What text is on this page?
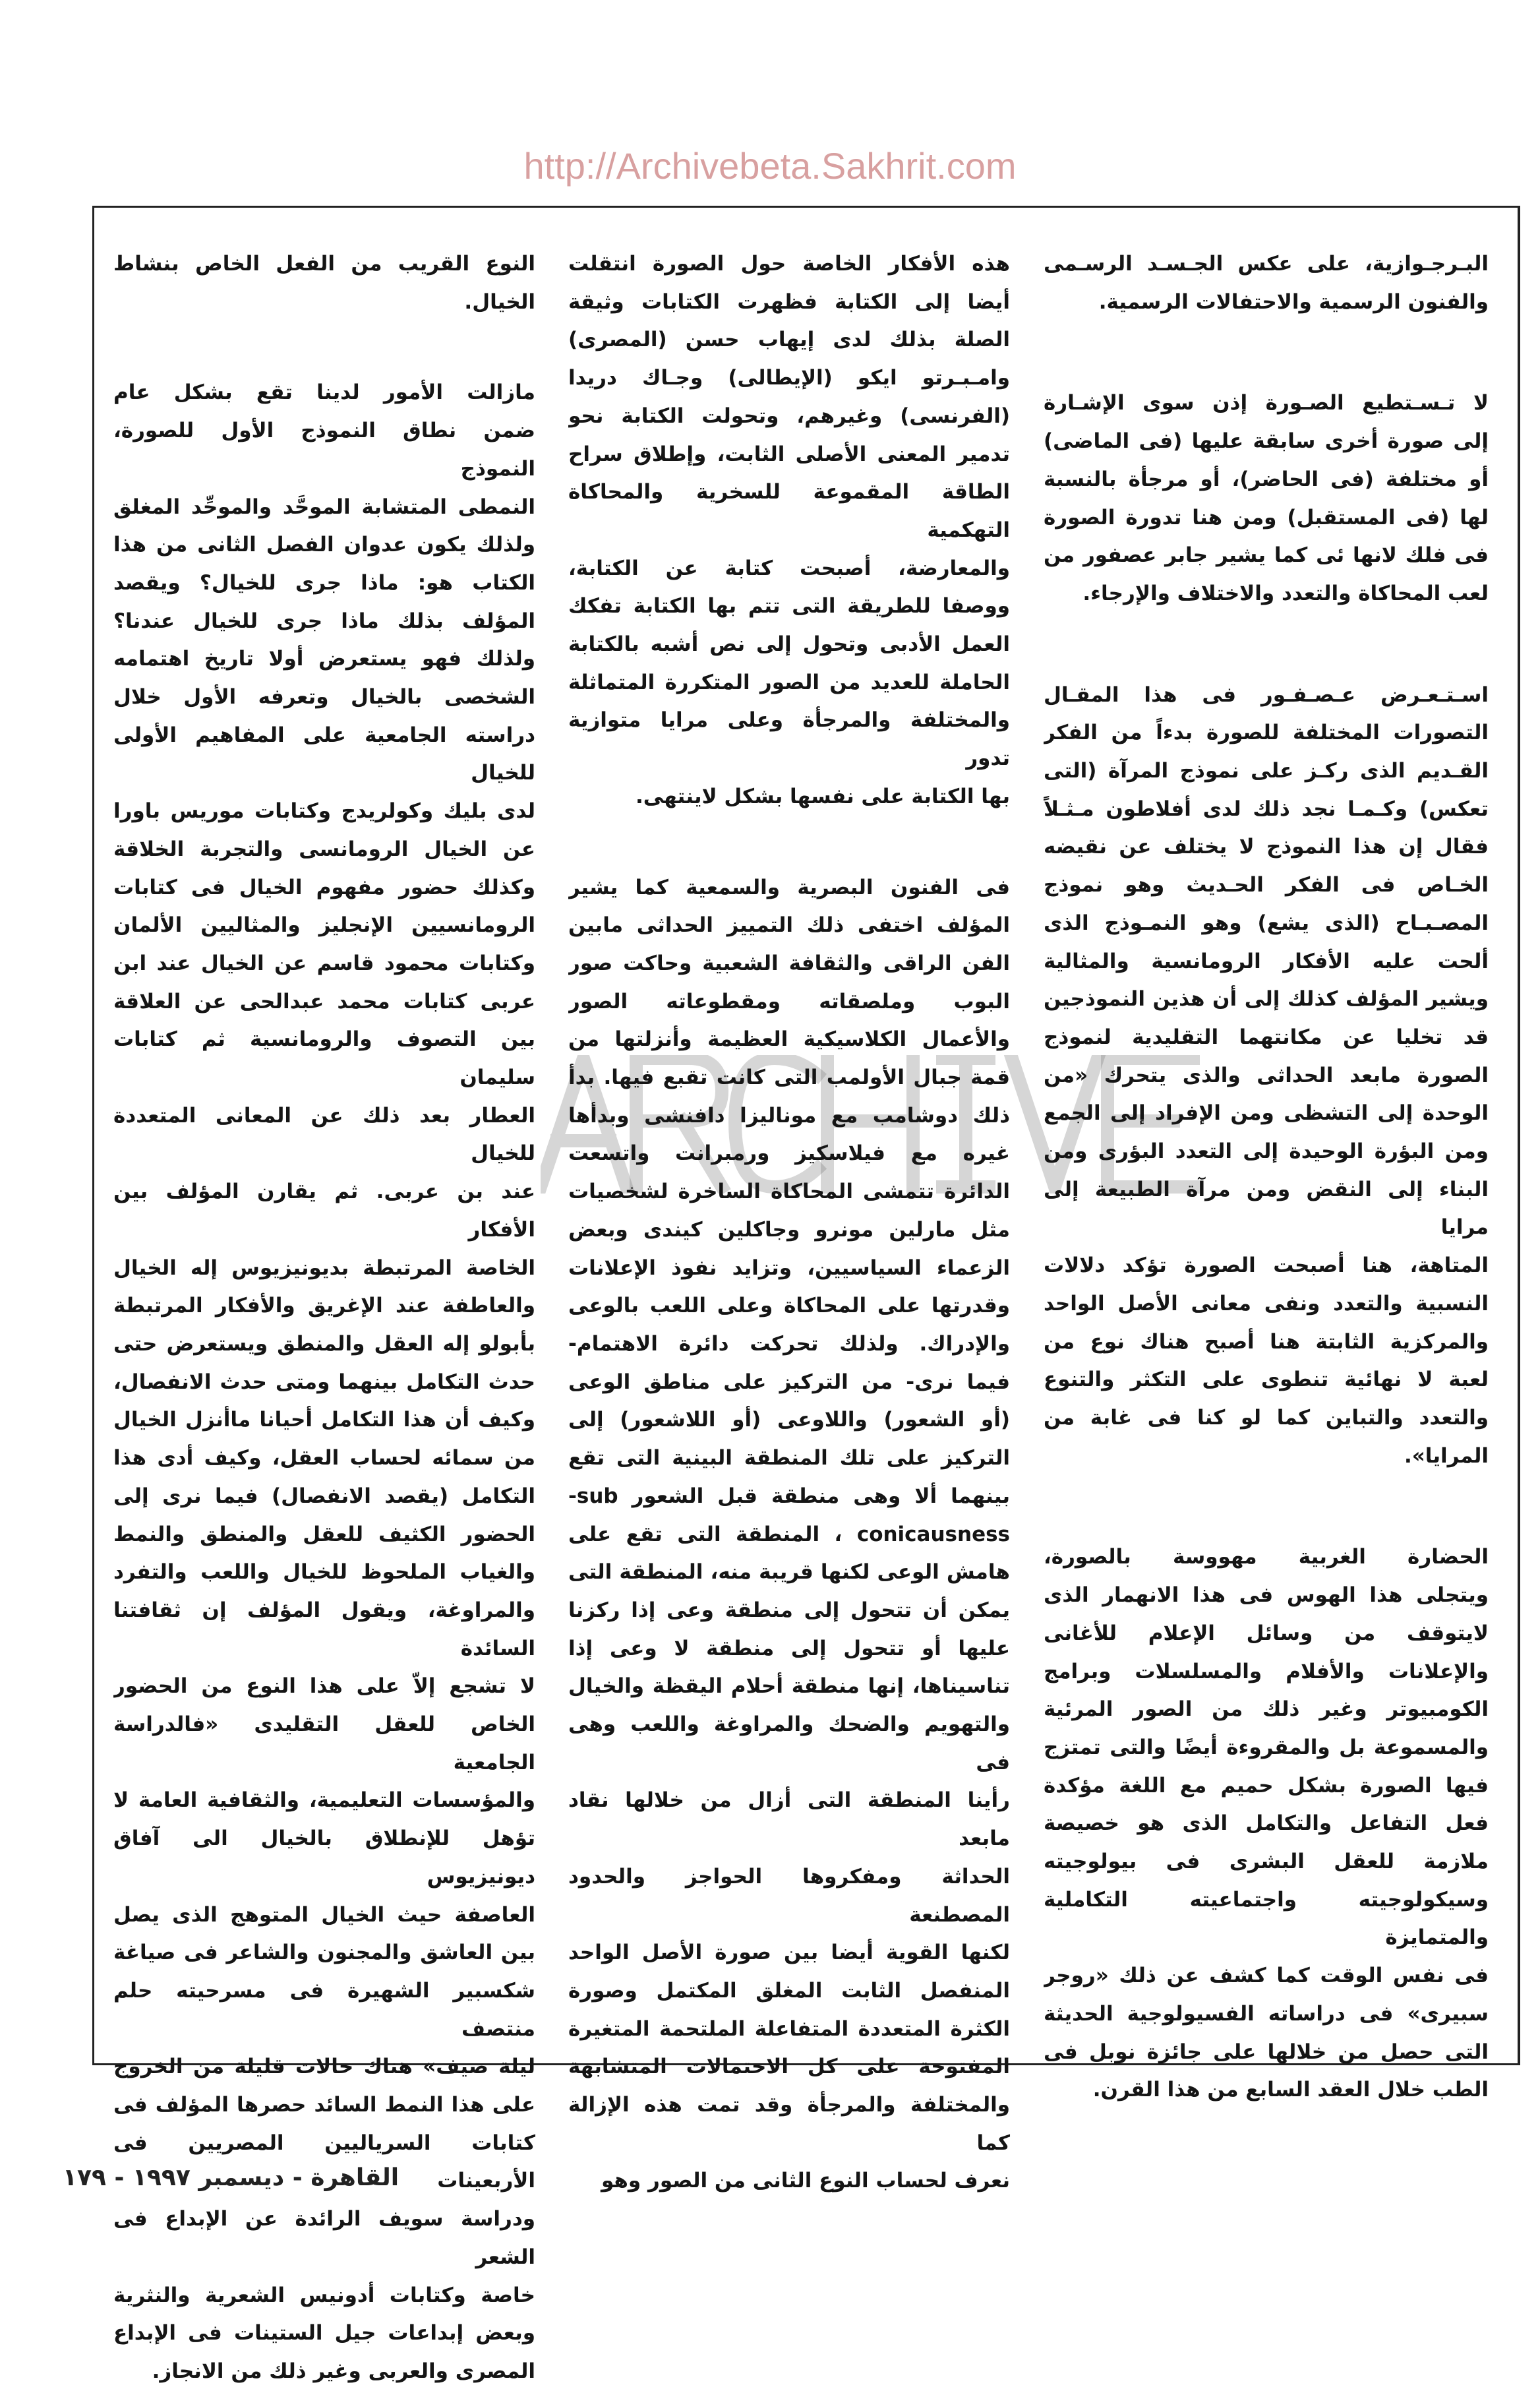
البـرجـوازية، على عكس الجـسـد الرسـمى
والفنون الرسمية والاحتفالات الرسمية.
لا تـسـتطيع الصـورة إذن سوى الإشـارة
إلى صورة أخرى سابقة عليها (فى الماضى)
أو مختلفة (فى الحاضر)، أو مرجأة بالنسبة
لها (فى المستقبل) ومن هنا تدورة الصورة
فى فلك لانها ئى كما يشير جابر عصفور من
لعب المحاكاة والتعدد والاختلاف والإرجاء.
اسـتـعـرض عـصـفـور فى هذا المقـال
التصورات المختلفة للصورة بدءاً من الفكر
القـديم الذى ركـز على نموذج المرآة (التى
تعكس) وكـمـا نجد ذلك لدى أفلاطون مـثـلاً
فقال إن هذا النموذج لا يختلف عن نقيضه
الخـاص فى الفكر الحـديث وهو نموذج
المصـبـاح (الذى يشع) وهو النمـوذج الذى
ألحت عليه الأفكار الرومانسية والمثالية
ويشير المؤلف كذلك إلى أن هذين النموذجين
قد تخليا عن مكانتهما التقليدية لنموذج
الصورة مابعد الحداثى والذى يتحرك «من
الوحدة إلى التشظى ومن الإفراد إلى الجمع
ومن البؤرة الوحيدة إلى التعدد البؤرى ومن
البناء إلى النقض ومن مرآة الطبيعة إلى مرايا
المتاهة، هنا أصبحت الصورة تؤكد دلالات
النسبية والتعدد ونفى معانى الأصل الواحد
والمركزية الثابتة هنا أصبح هناك نوع من
لعبة لا نهائية تنطوى على التكثر والتنوع
والتعدد والتباين كما لو كنا فى غابة من
المرايا».
الحضارة الغربية مهووسة بالصورة،
ويتجلى هذا الهوس فى هذا الانهمار الذى
لايتوقف من وسائل الإعلام للأغانى
والإعلانات والأفلام والمسلسلات وبرامج
الكومبيوتر وغير ذلك من الصور المرئية
والمسموعة بل والمقروءة أيضًا والتى تمتزج
فيها الصورة بشكل حميم مع اللغة مؤكدة
فعل التفاعل والتكامل الذى هو خصيصة
ملازمة للعقل البشرى فى بيولوجيته
وسيكولوجيته واجتماعيته التكاملية والمتمايزة
فى نفس الوقت كما كشف عن ذلك «روجر
سبيرى» فى دراساته الفسيولوجية الحديثة
التى حصل من خلالها على جائزة نوبل فى
الطب خلال العقد السابع من هذا القرن.
هذه الأفكار الخاصة حول الصورة انتقلت
أيضا إلى الكتابة فظهرت الكتابات وثيقة
الصلة بذلك لدى إيهاب حسن (المصرى)
وامـبـرتو ايكو (الإيطالى) وجـاك دريدا
(الفرنسى) وغيرهم، وتحولت الكتابة نحو
تدمير المعنى الأصلى الثابت، وإطلاق سراح
الطاقة المقموعة للسخرية والمحاكاة التهكمية
والمعارضة، أصبحت كتابة عن الكتابة،
ووصفا للطريقة التى تتم بها الكتابة تفكك
العمل الأدبى وتحول إلى نص أشبه بالكتابة
الحاملة للعديد من الصور المتكررة المتماثلة
والمختلفة والمرجأة وعلى مرايا متوازية تدور
بها الكتابة على نفسها بشكل لاينتهى.
فى الفنون البصرية والسمعية كما يشير
المؤلف اختفى ذلك التمييز الحداثى مابين
الفن الراقى والثقافة الشعبية وحاكت صور
البوب وملصقاته ومقطوعاته الصور
والأعمال الكلاسيكية العظيمة وأنزلتها من
قمة جبال الأولمب التى كانت تقبع فيها. بدأ
ذلك دوشامب مع موناليزا دافنشى وبدأها
غيره مع فيلاسكيز ورمبرانت واتسعت
الدائرة تتمشى المحاكاة الساخرة لشخصيات
مثل مارلين مونرو وجاكلين كيندى وبعض
الزعماء السياسيين، وتزايد نفوذ الإعلانات
وقدرتها على المحاكاة وعلى اللعب بالوعى
والإدراك. ولذلك تحركت دائرة الاهتمام-
فيما نرى- من التركيز على مناطق الوعى
(أو الشعور) واللاوعى (أو اللاشعور) إلى
التركيز على تلك المنطقة البينية التى تقع
بينهما ألا وهى منطقة قبل الشعور sub-
conicausness ، المنطقة التى تقع على
هامش الوعى لكنها قريبة منه، المنطقة التى
يمكن أن تتحول إلى منطقة وعى إذا ركزنا
عليها أو تتحول إلى منطقة لا وعى إذا
تناسيناها، إنها منطقة أحلام اليقظة والخيال
والتهويم والضحك والمراوغة واللعب وهى فى
رأينا المنطقة التى أزال من خلالها نقاد مابعد
الحداثة ومفكروها الحواجز والحدود المصطنعة
لكنها القوية أيضا بين صورة الأصل الواحد
المنفصل الثابت المغلق المكتمل وصورة
الكثرة المتعددة المتفاعلة الملتحمة المتغيرة
المفتوحة على كل الاحتمالات المتشابهة
والمختلفة والمرجأة وقد تمت هذه الإزالة كما
نعرف لحساب النوع الثانى من الصور وهو
النوع القريب من الفعل الخاص بنشاط
الخيال.
مازالت الأمور لدينا تقع بشكل عام
ضمن نطاق النموذج الأول للصورة، النموذج
النمطى المتشابة الموحَّد والموحِّد المغلق
ولذلك يكون عدوان الفصل الثانى من هذا
الكتاب هو: ماذا جرى للخيال؟ ويقصد
المؤلف بذلك ماذا جرى للخيال عندنا؟
ولذلك فهو يستعرض أولا تاريخ اهتمامه
الشخصى بالخيال وتعرفه الأول خلال
دراسته الجامعية على المفاهيم الأولى للخيال
لدى بليك وكولريدج وكتابات موريس باورا
عن الخيال الرومانسى والتجربة الخلاقة
وكذلك حضور مفهوم الخيال فى كتابات
الرومانسيين الإنجليز والمثاليين الألمان
وكتابات محمود قاسم عن الخيال عند ابن
عربى كتابات محمد عبدالحى عن العلاقة
بين التصوف والرومانسية ثم كتابات سليمان
العطار بعد ذلك عن المعانى المتعددة للخيال
عند بن عربى. ثم يقارن المؤلف بين الأفكار
الخاصة المرتبطة بديونيزيوس إله الخيال
والعاطفة عند الإغريق والأفكار المرتبطة
بأبولو إله العقل والمنطق ويستعرض حتى
حدث التكامل بينهما ومتى حدث الانفصال،
وكيف أن هذا التكامل أحيانا ماأنزل الخيال
من سمائه لحساب العقل، وكيف أدى هذا
التكامل (يقصد الانفصال) فيما نرى إلى
الحضور الكثيف للعقل والمنطق والنمط
والغياب الملحوظ للخيال واللعب والتفرد
والمراوغة، ويقول المؤلف إن ثقافتنا السائدة
لا تشجع إلاّ على هذا النوع من الحضور
الخاص للعقل التقليدى «فالدراسة الجامعية
والمؤسسات التعليمية، والثقافية العامة لا
تؤهل للإنطلاق بالخيال الى آفاق ديونيزيوس
العاصفة حيث الخيال المتوهج الذى يصل
بين العاشق والمجنون والشاعر فى صياغة
شكسبير الشهيرة فى مسرحيته حلم منتصف
ليلة صيف» هناك حالات قليلة من الخروج
على هذا النمط السائد حصرها المؤلف فى
كتابات السرياليين المصريين فى الأربعينات
ودراسة سويف الرائدة عن الإبداع فى الشعر
خاصة وكتابات أدونيس الشعرية والنثرية
وبعض إبداعات جيل الستينات فى الإبداع
المصرى والعربى وغير ذلك من الانجاز.
http://Archivebeta.Sakhrit.com
القاهرة - ديسمبر ١٩٩٧ - ١٧٩
